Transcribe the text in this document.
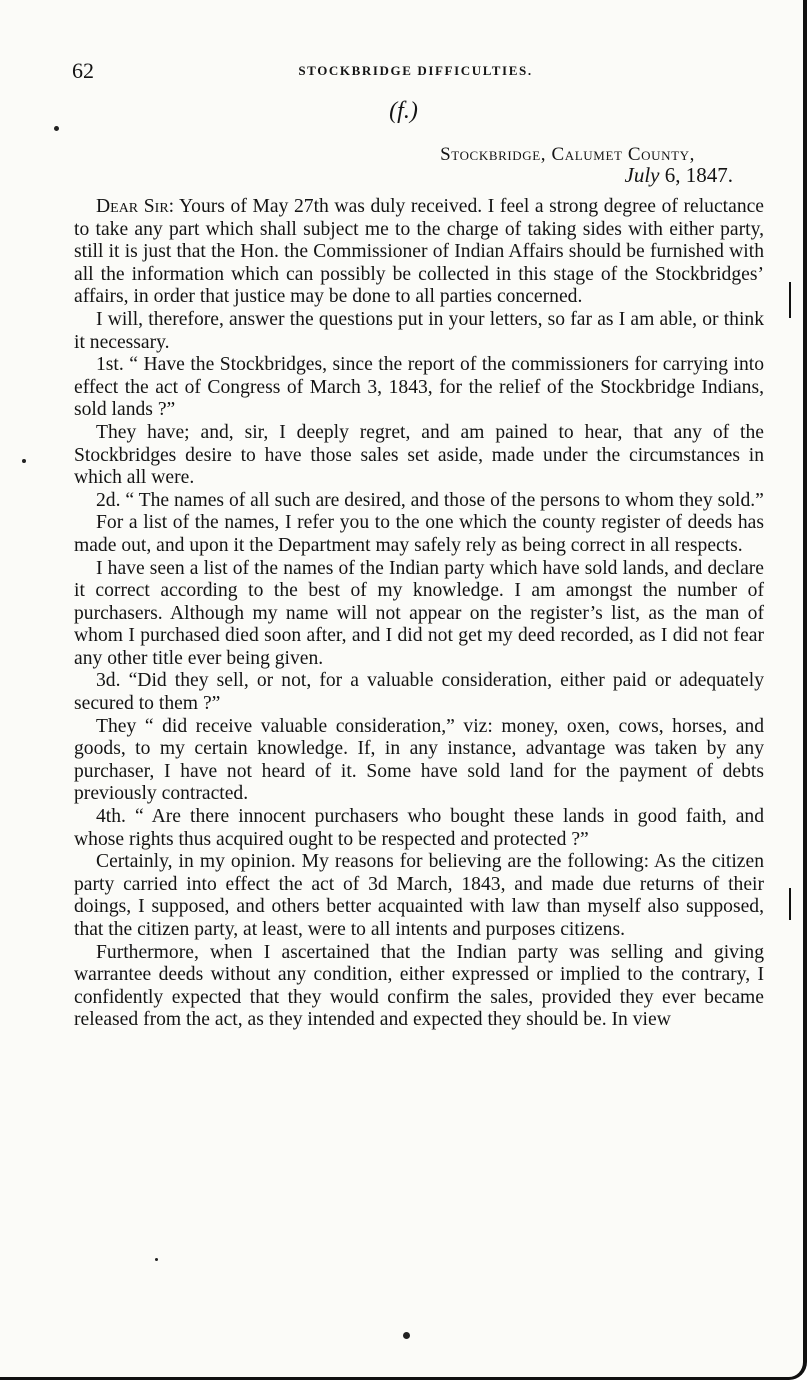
62	STOCKBRIDGE DIFFICULTIES.
(f.)
Stockbridge, Calumet County,
July 6, 1847.

Dear Sir: Yours of May 27th was duly received. I feel a strong degree of reluctance to take any part which shall subject me to the charge of taking sides with either party, still it is just that the Hon. the Commissioner of Indian Affairs should be furnished with all the information which can possibly be collected in this stage of the Stockbridges’ affairs, in order that justice may be done to all parties concerned.

I will, therefore, answer the questions put in your letters, so far as I am able, or think it necessary.

1st. “ Have the Stockbridges, since the report of the commissioners for carrying into effect the act of Congress of March 3, 1843, for the relief of the Stockbridge Indians, sold lands ?”

They have; and, sir, I deeply regret, and am pained to hear, that any of the Stockbridges desire to have those sales set aside, made under the circumstances in which all were.

2d. “ The names of all such are desired, and those of the persons to whom they sold.”

For a list of the names, I refer you to the one which the county register of deeds has made out, and upon it the Department may safely rely as being correct in all respects.

I have seen a list of the names of the Indian party which have sold lands, and declare it correct according to the best of my knowledge. I am amongst the number of purchasers. Although my name will not appear on the register’s list, as the man of whom I purchased died soon after, and I did not get my deed recorded, as I did not fear any other title ever being given.

3d. “Did they sell, or not, for a valuable consideration, either paid or adequately secured to them ?”

They “ did receive valuable consideration,” viz: money, oxen, cows, horses, and goods, to my certain knowledge. If, in any instance, advantage was taken by any purchaser, I have not heard of it. Some have sold land for the payment of debts previously contracted.

4th. “ Are there innocent purchasers who bought these lands in good faith, and whose rights thus acquired ought to be respected and protected ?”

Certainly, in my opinion. My reasons for believing are the following: As the citizen party carried into effect the act of 3d March, 1843, and made due returns of their doings, I supposed, and others better acquainted with law than myself also supposed, that the citizen party, at least, were to all intents and purposes citizens.

Furthermore, when I ascertained that the Indian party was selling and giving warrantee deeds without any condition, either expressed or implied to the contrary, I confidently expected that they would confirm the sales, provided they ever became released from the act, as they intended and expected they should be. In view
